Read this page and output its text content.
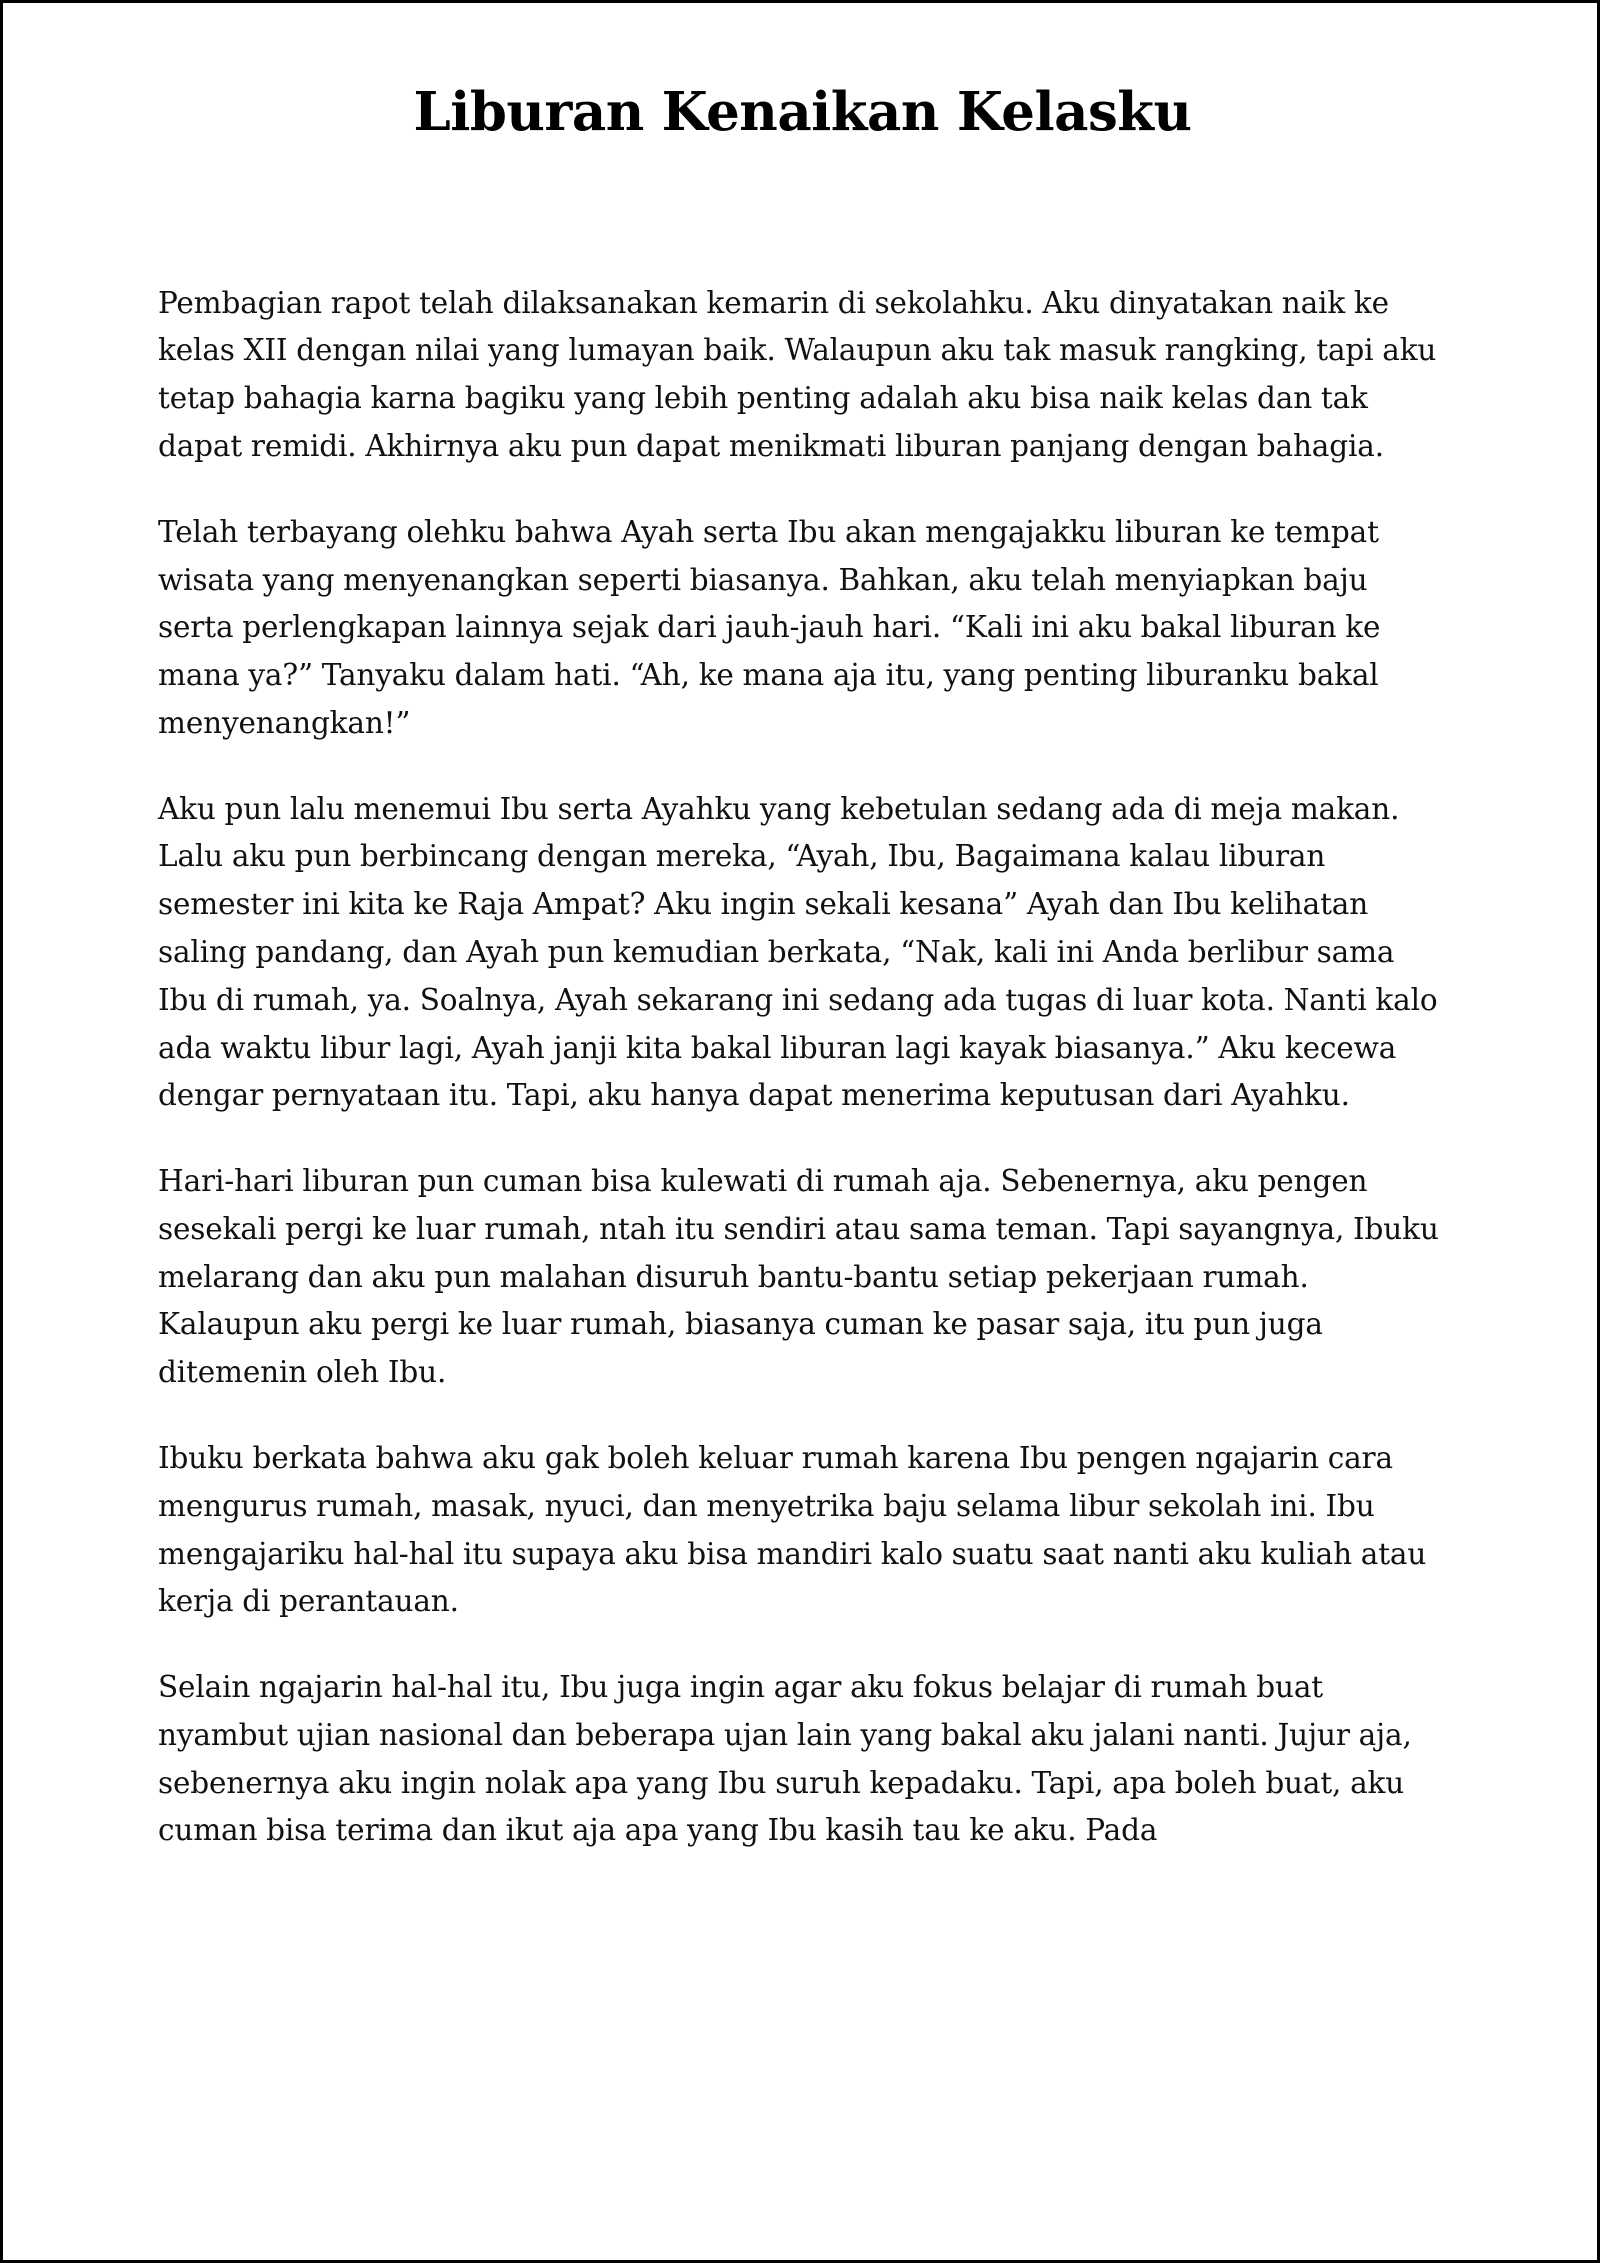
Liburan Kenaikan Kelasku

Pembagian rapot telah dilaksanakan kemarin di sekolahku. Aku dinyatakan naik ke kelas XII dengan nilai yang lumayan baik. Walaupun aku tak masuk rangking, tapi aku tetap bahagia karna bagiku yang lebih penting adalah aku bisa naik kelas dan tak dapat remidi. Akhirnya aku pun dapat menikmati liburan panjang dengan bahagia.

Telah terbayang olehku bahwa Ayah serta Ibu akan mengajakku liburan ke tempat wisata yang menyenangkan seperti biasanya. Bahkan, aku telah menyiapkan baju serta perlengkapan lainnya sejak dari jauh-jauh hari. “Kali ini aku bakal liburan ke mana ya?” Tanyaku dalam hati. “Ah, ke mana aja itu, yang penting liburanku bakal menyenangkan!”

Aku pun lalu menemui Ibu serta Ayahku yang kebetulan sedang ada di meja makan. Lalu aku pun berbincang dengan mereka, “Ayah, Ibu, Bagaimana kalau liburan semester ini kita ke Raja Ampat? Aku ingin sekali kesana” Ayah dan Ibu kelihatan saling pandang, dan Ayah pun kemudian berkata, “Nak, kali ini Anda berlibur sama Ibu di rumah, ya. Soalnya, Ayah sekarang ini sedang ada tugas di luar kota. Nanti kalo ada waktu libur lagi, Ayah janji kita bakal liburan lagi kayak biasanya.” Aku kecewa dengar pernyataan itu. Tapi, aku hanya dapat menerima keputusan dari Ayahku.

Hari-hari liburan pun cuman bisa kulewati di rumah aja. Sebenernya, aku pengen sesekali pergi ke luar rumah, ntah itu sendiri atau sama teman. Tapi sayangnya, Ibuku melarang dan aku pun malahan disuruh bantu-bantu setiap pekerjaan rumah. Kalaupun aku pergi ke luar rumah, biasanya cuman ke pasar saja, itu pun juga ditemenin oleh Ibu.

Ibuku berkata bahwa aku gak boleh keluar rumah karena Ibu pengen ngajarin cara mengurus rumah, masak, nyuci, dan menyetrika baju selama libur sekolah ini. Ibu mengajariku hal-hal itu supaya aku bisa mandiri kalo suatu saat nanti aku kuliah atau kerja di perantauan.

Selain ngajarin hal-hal itu, Ibu juga ingin agar aku fokus belajar di rumah buat nyambut ujian nasional dan beberapa ujan lain yang bakal aku jalani nanti. Jujur aja, sebenernya aku ingin nolak apa yang Ibu suruh kepadaku. Tapi, apa boleh buat, aku cuman bisa terima dan ikut aja apa yang Ibu kasih tau ke aku. Pada
